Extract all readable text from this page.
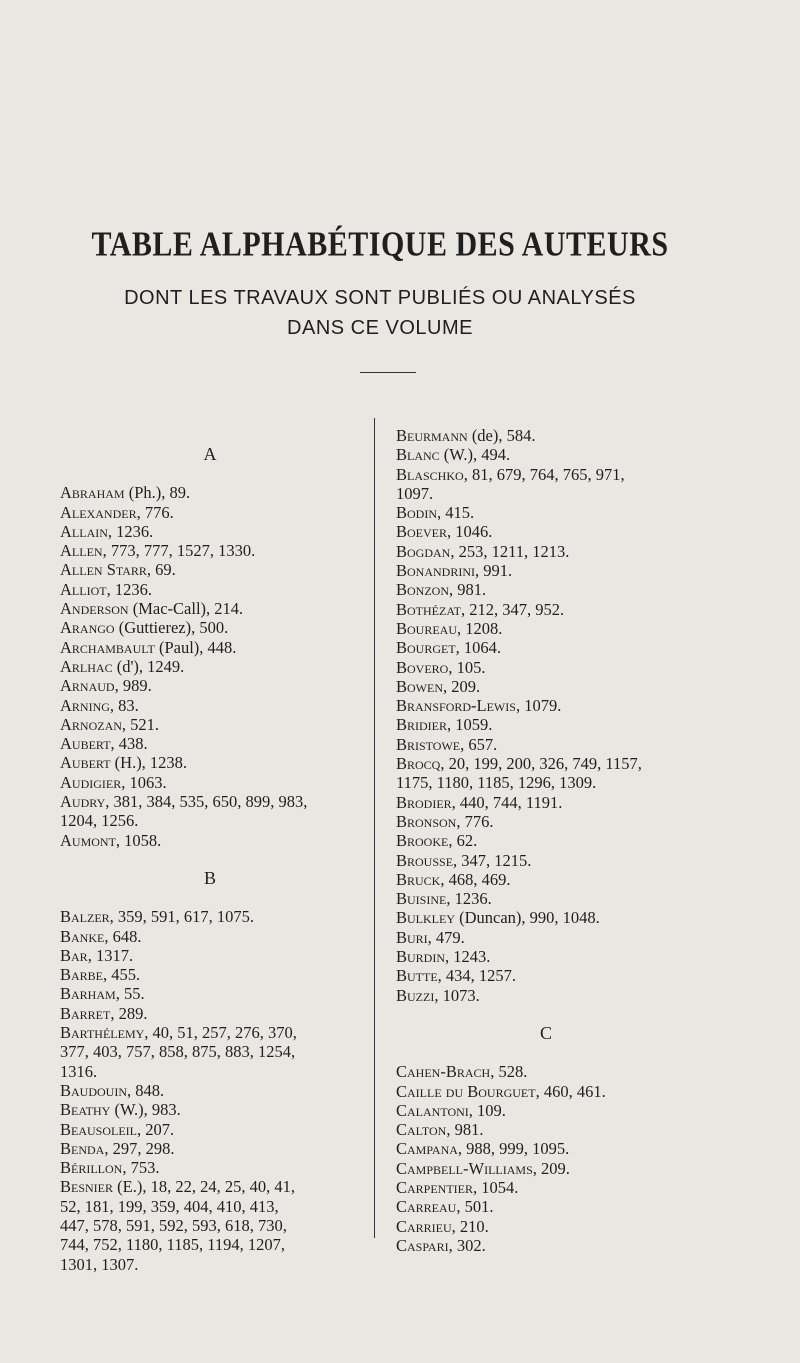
TABLE ALPHABÉTIQUE DES AUTEURS
DONT LES TRAVAUX SONT PUBLIÉS OU ANALYSÉS
DANS CE VOLUME
A
Abraham (Ph.), 89.
Alexander, 776.
Allain, 1236.
Allen, 773, 777, 1527, 1330.
Allen Starr, 69.
Alliot, 1236.
Anderson (Mac-Call), 214.
Arango (Guttierez), 500.
Archambault (Paul), 448.
Arlhac (d'), 1249.
Arnaud, 989.
Arning, 83.
Arnozan, 521.
Aubert, 438.
Aubert (H.), 1238.
Audigier, 1063.
Audry, 381, 384, 535, 650, 899, 983,
1204, 1256.
Aumont, 1058.
B
Balzer, 359, 591, 617, 1075.
Banke, 648.
Bar, 1317.
Barbe, 455.
Barham, 55.
Barret, 289.
Barthélemy, 40, 51, 257, 276, 370,
377, 403, 757, 858, 875, 883, 1254,
1316.
Baudouin, 848.
Beathy (W.), 983.
Beausoleil, 207.
Benda, 297, 298.
Bérillon, 753.
Besnier (E.), 18, 22, 24, 25, 40, 41,
52, 181, 199, 359, 404, 410, 413,
447, 578, 591, 592, 593, 618, 730,
744, 752, 1180, 1185, 1194, 1207,
1301, 1307.
Beurmann (de), 584.
Blanc (W.), 494.
Blaschko, 81, 679, 764, 765, 971,
1097.
Bodin, 415.
Boever, 1046.
Bogdan, 253, 1211, 1213.
Bonandrini, 991.
Bonzon, 981.
Bothézat, 212, 347, 952.
Boureau, 1208.
Bourget, 1064.
Bovero, 105.
Bowen, 209.
Bransford-Lewis, 1079.
Bridier, 1059.
Bristowe, 657.
Brocq, 20, 199, 200, 326, 749, 1157,
1175, 1180, 1185, 1296, 1309.
Brodier, 440, 744, 1191.
Bronson, 776.
Brooke, 62.
Brousse, 347, 1215.
Bruck, 468, 469.
Buisine, 1236.
Bulkley (Duncan), 990, 1048.
Buri, 479.
Burdin, 1243.
Butte, 434, 1257.
Buzzi, 1073.
C
Cahen-Brach, 528.
Caille du Bourguet, 460, 461.
Calantoni, 109.
Calton, 981.
Campana, 988, 999, 1095.
Campbell-Williams, 209.
Carpentier, 1054.
Carreau, 501.
Carrieu, 210.
Caspari, 302.
